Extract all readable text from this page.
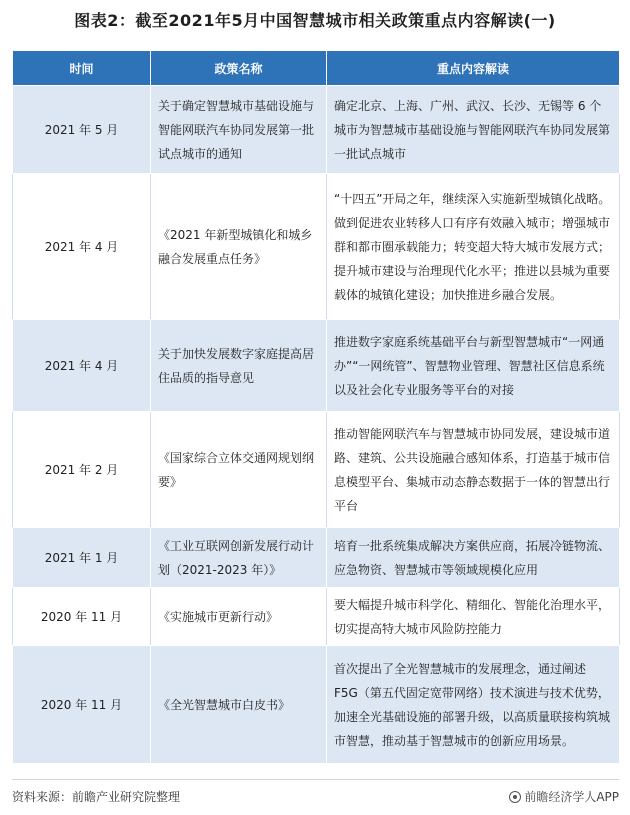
图表2：截至2021年5月中国智慧城市相关政策重点内容解读(一)
时间	政策名称	重点内容解读
2021 年 5 月	关于确定智慧城市基础设施与智能网联汽车协同发展第一批试点城市的通知	确定北京、上海、广州、武汉、长沙、无锡等 6 个城市为智慧城市基础设施与智能网联汽车协同发展第一批试点城市
2021 年 4 月	《2021 年新型城镇化和城乡融合发展重点任务》	“十四五”开局之年，继续深入实施新型城镇化战略。做到促进农业转移人口有序有效融入城市；增强城市群和都市圈承载能力；转变超大特大城市发展方式；提升城市建设与治理现代化水平；推进以县城为重要载体的城镇化建设；加快推进乡融合发展。
2021 年 4 月	关于加快发展数字家庭提高居住品质的指导意见	推进数字家庭系统基础平台与新型智慧城市“一网通办”“一网统管”、智慧物业管理、智慧社区信息系统以及社会化专业服务等平台的对接
2021 年 2 月	《国家综合立体交通网规划纲要》	推动智能网联汽车与智慧城市协同发展，建设城市道路、建筑、公共设施融合感知体系，打造基于城市信息模型平台、集城市动态静态数据于一体的智慧出行平台
2021 年 1 月	《工业互联网创新发展行动计划（2021-2023 年）》	培育一批系统集成解决方案供应商，拓展冷链物流、应急物资、智慧城市等领域规模化应用
2020 年 11 月	《实施城市更新行动》	要大幅提升城市科学化、精细化、智能化治理水平，切实提高特大城市风险防控能力
2020 年 11 月	《全光智慧城市白皮书》	首次提出了全光智慧城市的发展理念，通过阐述 F5G（第五代固定宽带网络）技术演进与技术优势，加速全光基础设施的部署升级，以高质量联接构筑城市智慧，推动基于智慧城市的创新应用场景。
资料来源：前瞻产业研究院整理	前瞻经济学人APP
